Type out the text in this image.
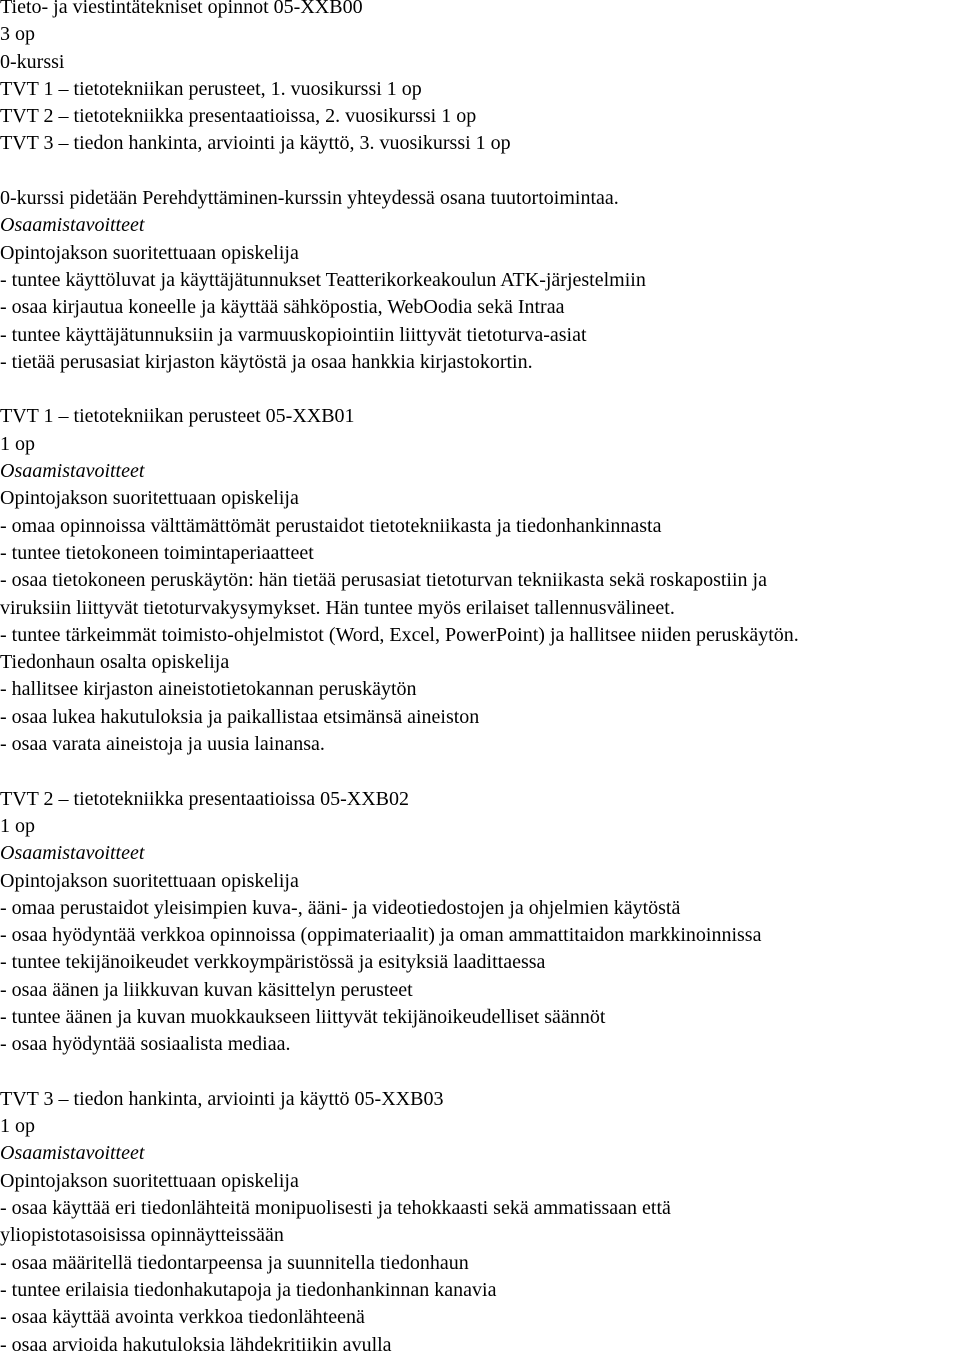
Tieto- ja viestintätekniset opinnot 05-XXB00
3 op
0-kurssi
TVT 1 – tietotekniikan perusteet, 1. vuosikurssi 1 op
TVT 2 – tietotekniikka presentaatioissa, 2. vuosikurssi 1 op
TVT 3 – tiedon hankinta, arviointi ja käyttö, 3. vuosikurssi 1 op
0-kurssi pidetään Perehdyttäminen-kurssin yhteydessä osana tuutortoimintaa.
Osaamistavoitteet
Opintojakson suoritettuaan opiskelija
- tuntee käyttöluvat ja käyttäjätunnukset Teatterikorkeakoulun ATK-järjestelmiin
- osaa kirjautua koneelle ja käyttää sähköpostia, WebOodia sekä Intraa
- tuntee käyttäjätunnuksiin ja varmuuskopiointiin liittyvät tietoturva-asiat
- tietää perusasiat kirjaston käytöstä ja osaa hankkia kirjastokortin.
TVT 1 – tietotekniikan perusteet 05-XXB01
1 op
Osaamistavoitteet
Opintojakson suoritettuaan opiskelija
- omaa opinnoissa välttämättömät perustaidot tietotekniikasta ja tiedonhankinnasta
- tuntee tietokoneen toimintaperiaatteet
- osaa tietokoneen peruskäytön: hän tietää perusasiat tietoturvan tekniikasta sekä roskapostiin ja
viruksiin liittyvät tietoturvakysymykset. Hän tuntee myös erilaiset tallennusvälineet.
- tuntee tärkeimmät toimisto-ohjelmistot (Word, Excel, PowerPoint) ja hallitsee niiden peruskäytön.
Tiedonhaun osalta opiskelija
- hallitsee kirjaston aineistotietokannan peruskäytön
- osaa lukea hakutuloksia ja paikallistaa etsimänsä aineiston
- osaa varata aineistoja ja uusia lainansa.
TVT 2 – tietotekniikka presentaatioissa 05-XXB02
1 op
Osaamistavoitteet
Opintojakson suoritettuaan opiskelija
- omaa perustaidot yleisimpien kuva-, ääni- ja videotiedostojen ja ohjelmien käytöstä
- osaa hyödyntää verkkoa opinnoissa (oppimateriaalit) ja oman ammattitaidon markkinoinnissa
- tuntee tekijänoikeudet verkkoympäristössä ja esityksiä laadittaessa
- osaa äänen ja liikkuvan kuvan käsittelyn perusteet
- tuntee äänen ja kuvan muokkaukseen liittyvät tekijänoikeudelliset säännöt
- osaa hyödyntää sosiaalista mediaa.
TVT 3 – tiedon hankinta, arviointi ja käyttö 05-XXB03
1 op
Osaamistavoitteet
Opintojakson suoritettuaan opiskelija
- osaa käyttää eri tiedonlähteitä monipuolisesti ja tehokkaasti sekä ammatissaan että
yliopistotasoisissa opinnäytteissään
- osaa määritellä tiedontarpeensa ja suunnitella tiedonhaun
- tuntee erilaisia tiedonhakutapoja ja tiedonhankinnan kanavia
- osaa käyttää avointa verkkoa tiedonlähteenä
- osaa arvioida hakutuloksia lähdekritiikin avulla
